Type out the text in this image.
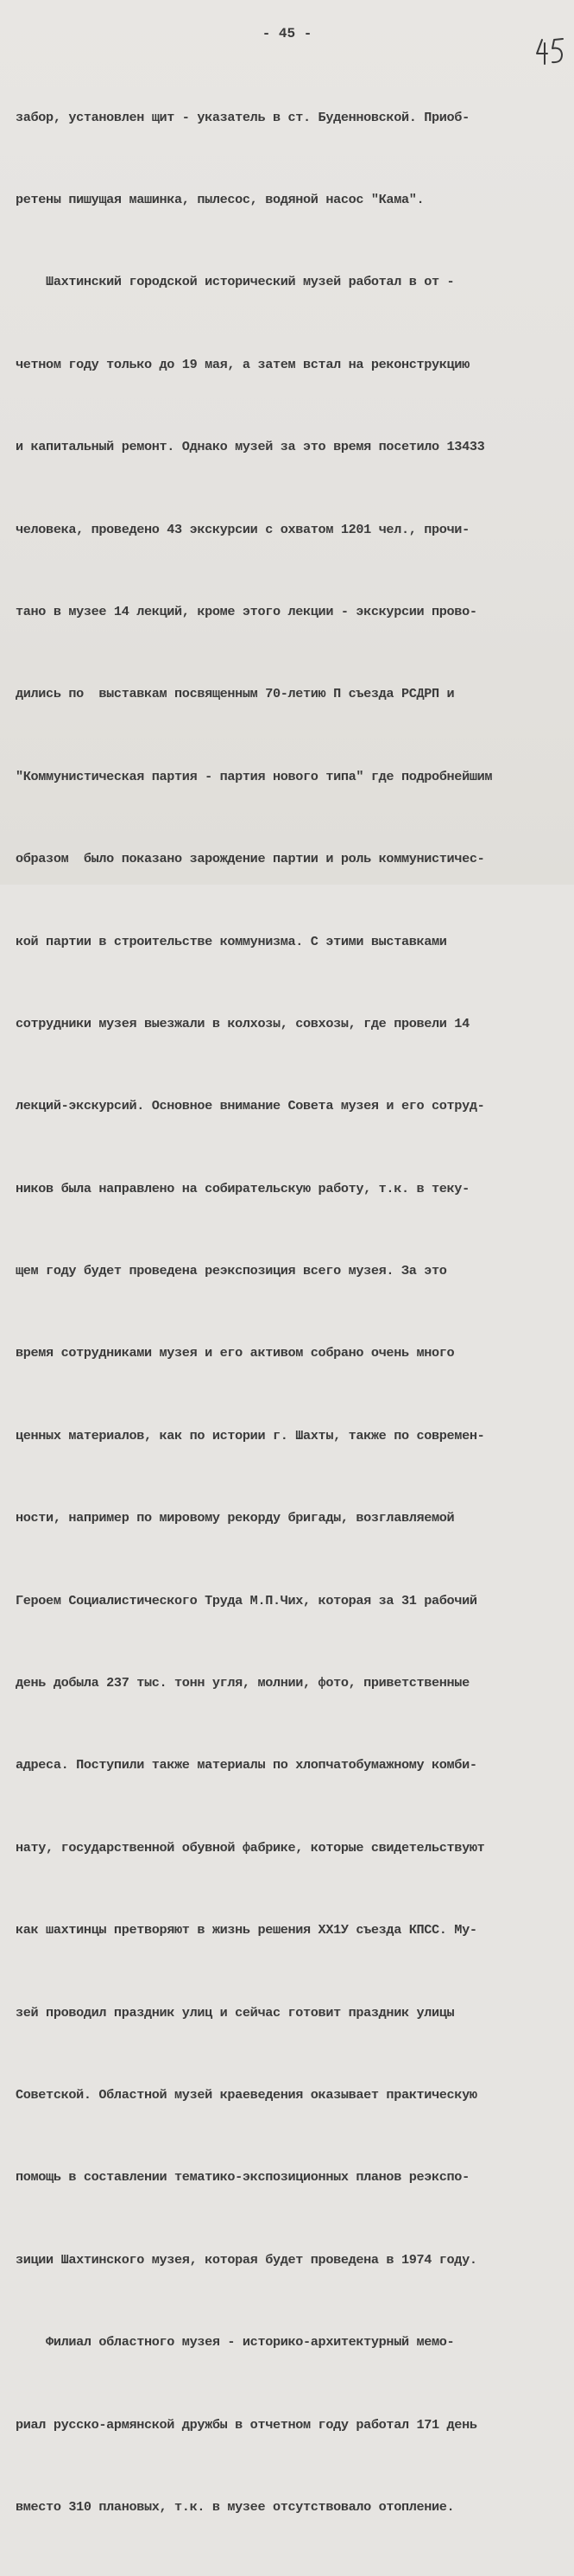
- 45 -

забор, установлен щит - указатель в ст. Буденновской. Приоб-

ретены пишущая машинка, пылесос, водяной насос "Кама".

Шахтинский городской исторический музей работал в от -

четном году только до 19 мая, а затем встал на реконструкцию

и капитальный ремонт. Однако музей за это время посетило 13433

человека, проведено 43 экскурсии с охватом 1201 чел., прочи-

тано в музее 14 лекций, кроме этого лекции - экскурсии прово-

дились по  выставкам посвященным 70-летию П съезда РСДРП и

"Коммунистическая партия - партия нового типа" где подробнейшим

образом  было показано зарождение партии и роль коммунистичес-

кой партии в строительстве коммунизма. С этими выставками

сотрудники музея выезжали в колхозы, совхозы, где провели 14

лекций-экскурсий. Основное внимание Совета музея и его сотруд-

ников была направлено на собирательскую работу, т.к. в теку-

щем году будет проведена реэкспозиция всего музея. За это

время сотрудниками музея и его активом собрано очень много

ценных материалов, как по истории г. Шахты, также по современ-

ности, например по мировому рекорду бригады, возглавляемой

Героем Социалистического Труда М.П.Чих, которая за 31 рабочий

день добыла 237 тыс. тонн угля, молнии, фото, приветственные

адреса. Поступили также материалы по хлопчатобумажному комби-

нату, государственной обувной фабрике, которые свидетельствуют

как шахтинцы претворяют в жизнь решения ХХ1У съезда КПСС. Му-

зей проводил праздник улиц и сейчас готовит праздник улицы

Советской. Областной музей краеведения оказывает практическую

помощь в составлении тематико-экспозиционных планов реэкспо-

зиции Шахтинского музея, которая будет проведена в 1974 году.

Филиал областного музея - историко-архитектурный мемо-

риал русско-армянской дружбы в отчетном году работал 171 день

вместо 310 плановых, т.к. в музее отсутствовало отопление.
